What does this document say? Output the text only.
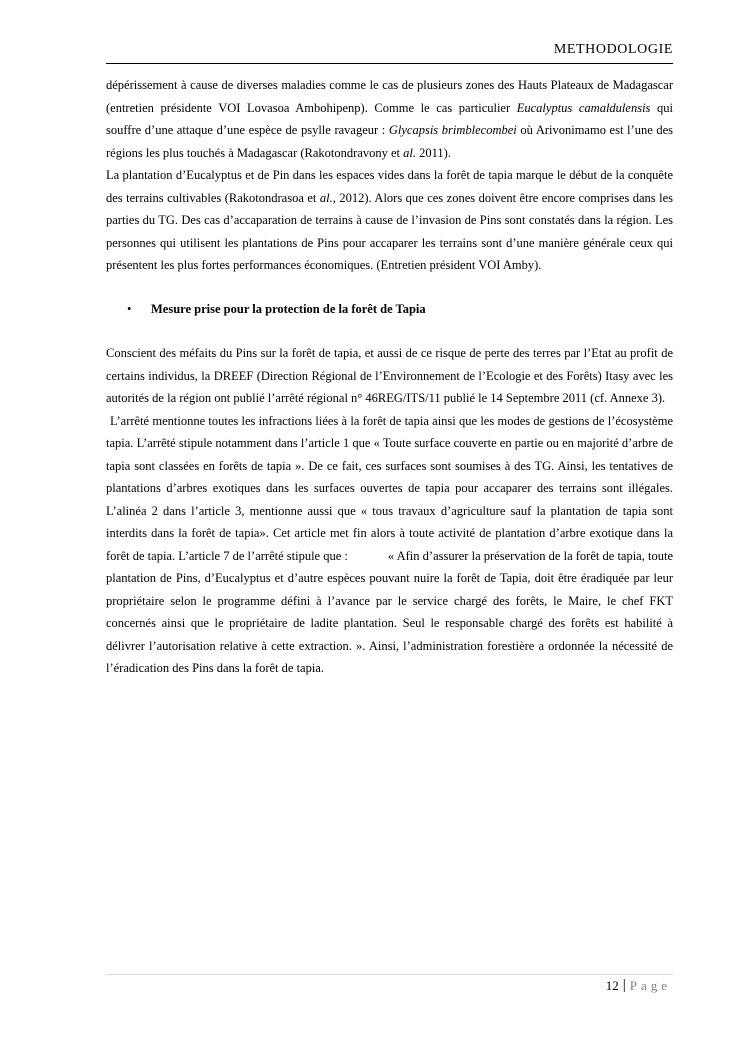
METHODOLOGIE

dépérissement à cause de diverses maladies comme le cas de plusieurs zones des Hauts Plateaux de Madagascar (entretien présidente VOI Lovasoa Ambohipenp). Comme le cas particulier Eucalyptus camaldulensis qui souffre d’une attaque d’une espèce de psylle ravageur : Glycapsis brimblecombei où Arivonimamo est l’une des régions les plus touchés à Madagascar (Rakotondravony et al. 2011).

La plantation d’Eucalyptus et de Pin dans les espaces vides dans la forêt de tapia marque le début de la conquête des terrains cultivables (Rakotondrasoa et al., 2012). Alors que ces zones doivent être encore comprises dans les parties du TG. Des cas d’accaparation de terrains à cause de l’invasion de Pins sont constatés dans la région. Les personnes qui utilisent les plantations de Pins pour accaparer les terrains sont d’une manière générale ceux qui présentent les plus fortes performances économiques. (Entretien président VOI Amby).

•	Mesure prise pour la protection de la forêt de Tapia

Conscient des méfaits du Pins sur la forêt de tapia, et aussi de ce risque de perte des terres par l’Etat au profit de certains individus, la DREEF (Direction Régional de l’Environnement de l’Ecologie et des Forêts) Itasy avec les autorités de la région ont publié l’arrêté régional n° 46REG/ITS/11 publié le 14 Septembre 2011 (cf. Annexe 3).

L’arrêté mentionne toutes les infractions liées à la forêt de tapia ainsi que les modes de gestions de l’écosystème tapia. L’arrêté stipule notamment dans l’article 1 que « Toute surface couverte en partie ou en majorité d’arbre de tapia sont classées en forêts de tapia ». De ce fait, ces surfaces sont soumises à des TG. Ainsi, les tentatives de plantations d’arbres exotiques dans les surfaces ouvertes de tapia pour accaparer des terrains sont illégales. L’alinéa 2 dans l’article 3, mentionne aussi que « tous travaux d’agriculture sauf la plantation de tapia sont interdits dans la forêt de tapia». Cet article met fin alors à toute activité de plantation d’arbre exotique dans la forêt de tapia. L’article 7 de l’arrêté stipule que :	« Afin d’assurer la préservation de la forêt de tapia, toute plantation de Pins, d’Eucalyptus et d’autre espèces pouvant nuire la forêt de Tapia, doit être éradiquée par leur propriétaire selon le programme défini à l’avance par le service chargé des forêts, le Maire, le chef FKT concernés ainsi que le propriétaire de ladite plantation. Seul le responsable chargé des forêts est habilité à délivrer l’autorisation relative à cette extraction. ». Ainsi, l’administration forestière a ordonnée la nécessité de l’éradication des Pins dans la forêt de tapia.

12 | Page
